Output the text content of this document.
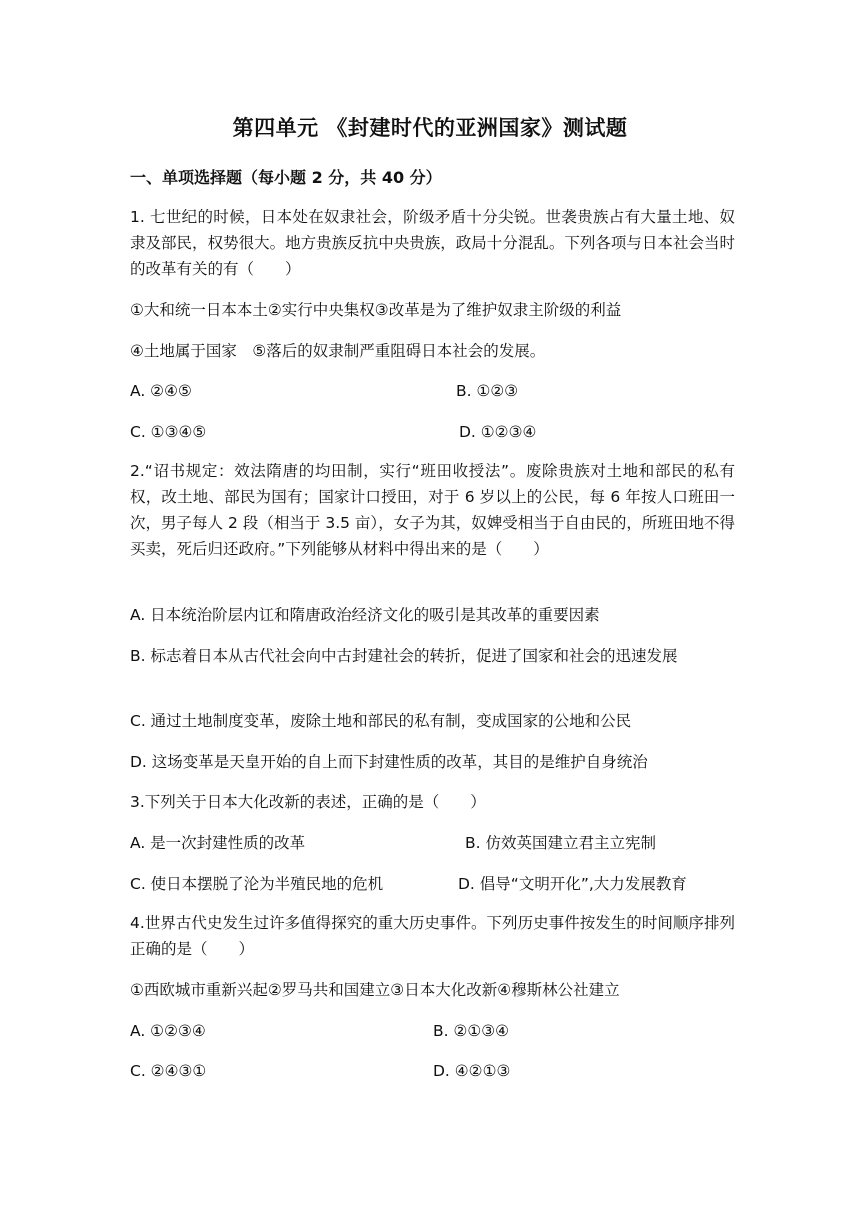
第四单元 《封建时代的亚洲国家》测试题
一、单项选择题（每小题 2 分，共 40 分）
1. 七世纪的时候，日本处在奴隶社会，阶级矛盾十分尖锐。世袭贵族占有大量土地、奴隶及部民，权势很大。地方贵族反抗中央贵族，政局十分混乱。下列各项与日本社会当时的改革有关的有（　　）
①大和统一日本本土②实行中央集权③改革是为了维护奴隶主阶级的利益
④土地属于国家　⑤落后的奴隶制严重阻碍日本社会的发展。
A. ②④⑤	B. ①②③
C. ①③④⑤	D. ①②③④
2.“诏书规定：效法隋唐的均田制，实行“班田收授法”。废除贵族对土地和部民的私有权，改土地、部民为国有；国家计口授田，对于 6 岁以上的公民，每 6 年按人口班田一次，男子每人 2 段（相当于 3.5 亩），女子为其，奴婢受相当于自由民的，所班田地不得买卖，死后归还政府。”下列能够从材料中得出来的是（　　）
A. 日本统治阶层内讧和隋唐政治经济文化的吸引是其改革的重要因素
B. 标志着日本从古代社会向中古封建社会的转折，促进了国家和社会的迅速发展
C. 通过土地制度变革，废除土地和部民的私有制，变成国家的公地和公民
D. 这场变革是天皇开始的自上而下封建性质的改革，其目的是维护自身统治
3.下列关于日本大化改新的表述，正确的是（　　）
A. 是一次封建性质的改革	B. 仿效英国建立君主立宪制
C. 使日本摆脱了沦为半殖民地的危机	D. 倡导“文明开化”,大力发展教育
4.世界古代史发生过许多值得探究的重大历史事件。下列历史事件按发生的时间顺序排列正确的是（　　）
①西欧城市重新兴起②罗马共和国建立③日本大化改新④穆斯林公社建立
A. ①②③④	B. ②①③④
C. ②④③①	D. ④②①③
